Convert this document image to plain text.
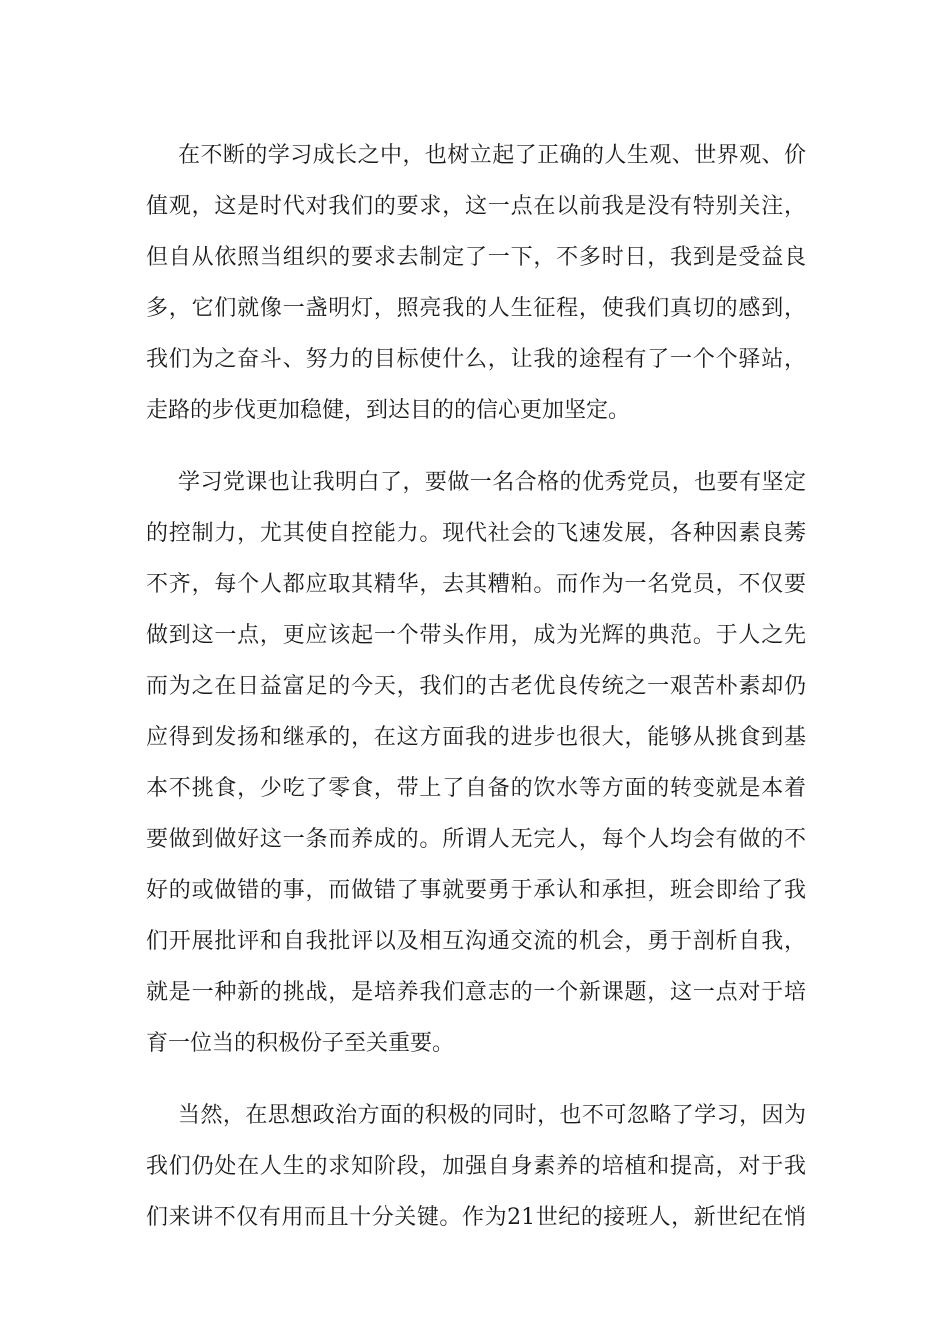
在不断的学习成长之中，也树立起了正确的人生观、世界观、价
值观，这是时代对我们的要求，这一点在以前我是没有特别关注，
但自从依照当组织的要求去制定了一下，不多时日，我到是受益良
多，它们就像一盏明灯，照亮我的人生征程，使我们真切的感到，
我们为之奋斗、努力的目标使什么，让我的途程有了一个个驿站，
走路的步伐更加稳健，到达目的的信心更加坚定。
学习党课也让我明白了，要做一名合格的优秀党员，也要有坚定
的控制力，尤其使自控能力。现代社会的飞速发展，各种因素良莠
不齐，每个人都应取其精华，去其糟粕。而作为一名党员，不仅要
做到这一点，更应该起一个带头作用，成为光辉的典范。于人之先
而为之在日益富足的今天，我们的古老优良传统之一艰苦朴素却仍
应得到发扬和继承的，在这方面我的进步也很大，能够从挑食到基
本不挑食，少吃了零食，带上了自备的饮水等方面的转变就是本着
要做到做好这一条而养成的。所谓人无完人，每个人均会有做的不
好的或做错的事，而做错了事就要勇于承认和承担，班会即给了我
们开展批评和自我批评以及相互沟通交流的机会，勇于剖析自我，
就是一种新的挑战，是培养我们意志的一个新课题，这一点对于培
育一位当的积极份子至关重要。
当然，在思想政治方面的积极的同时，也不可忽略了学习，因为
我们仍处在人生的求知阶段，加强自身素养的培植和提高，对于我
们来讲不仅有用而且十分关键。作为21世纪的接班人，新世纪在悄
